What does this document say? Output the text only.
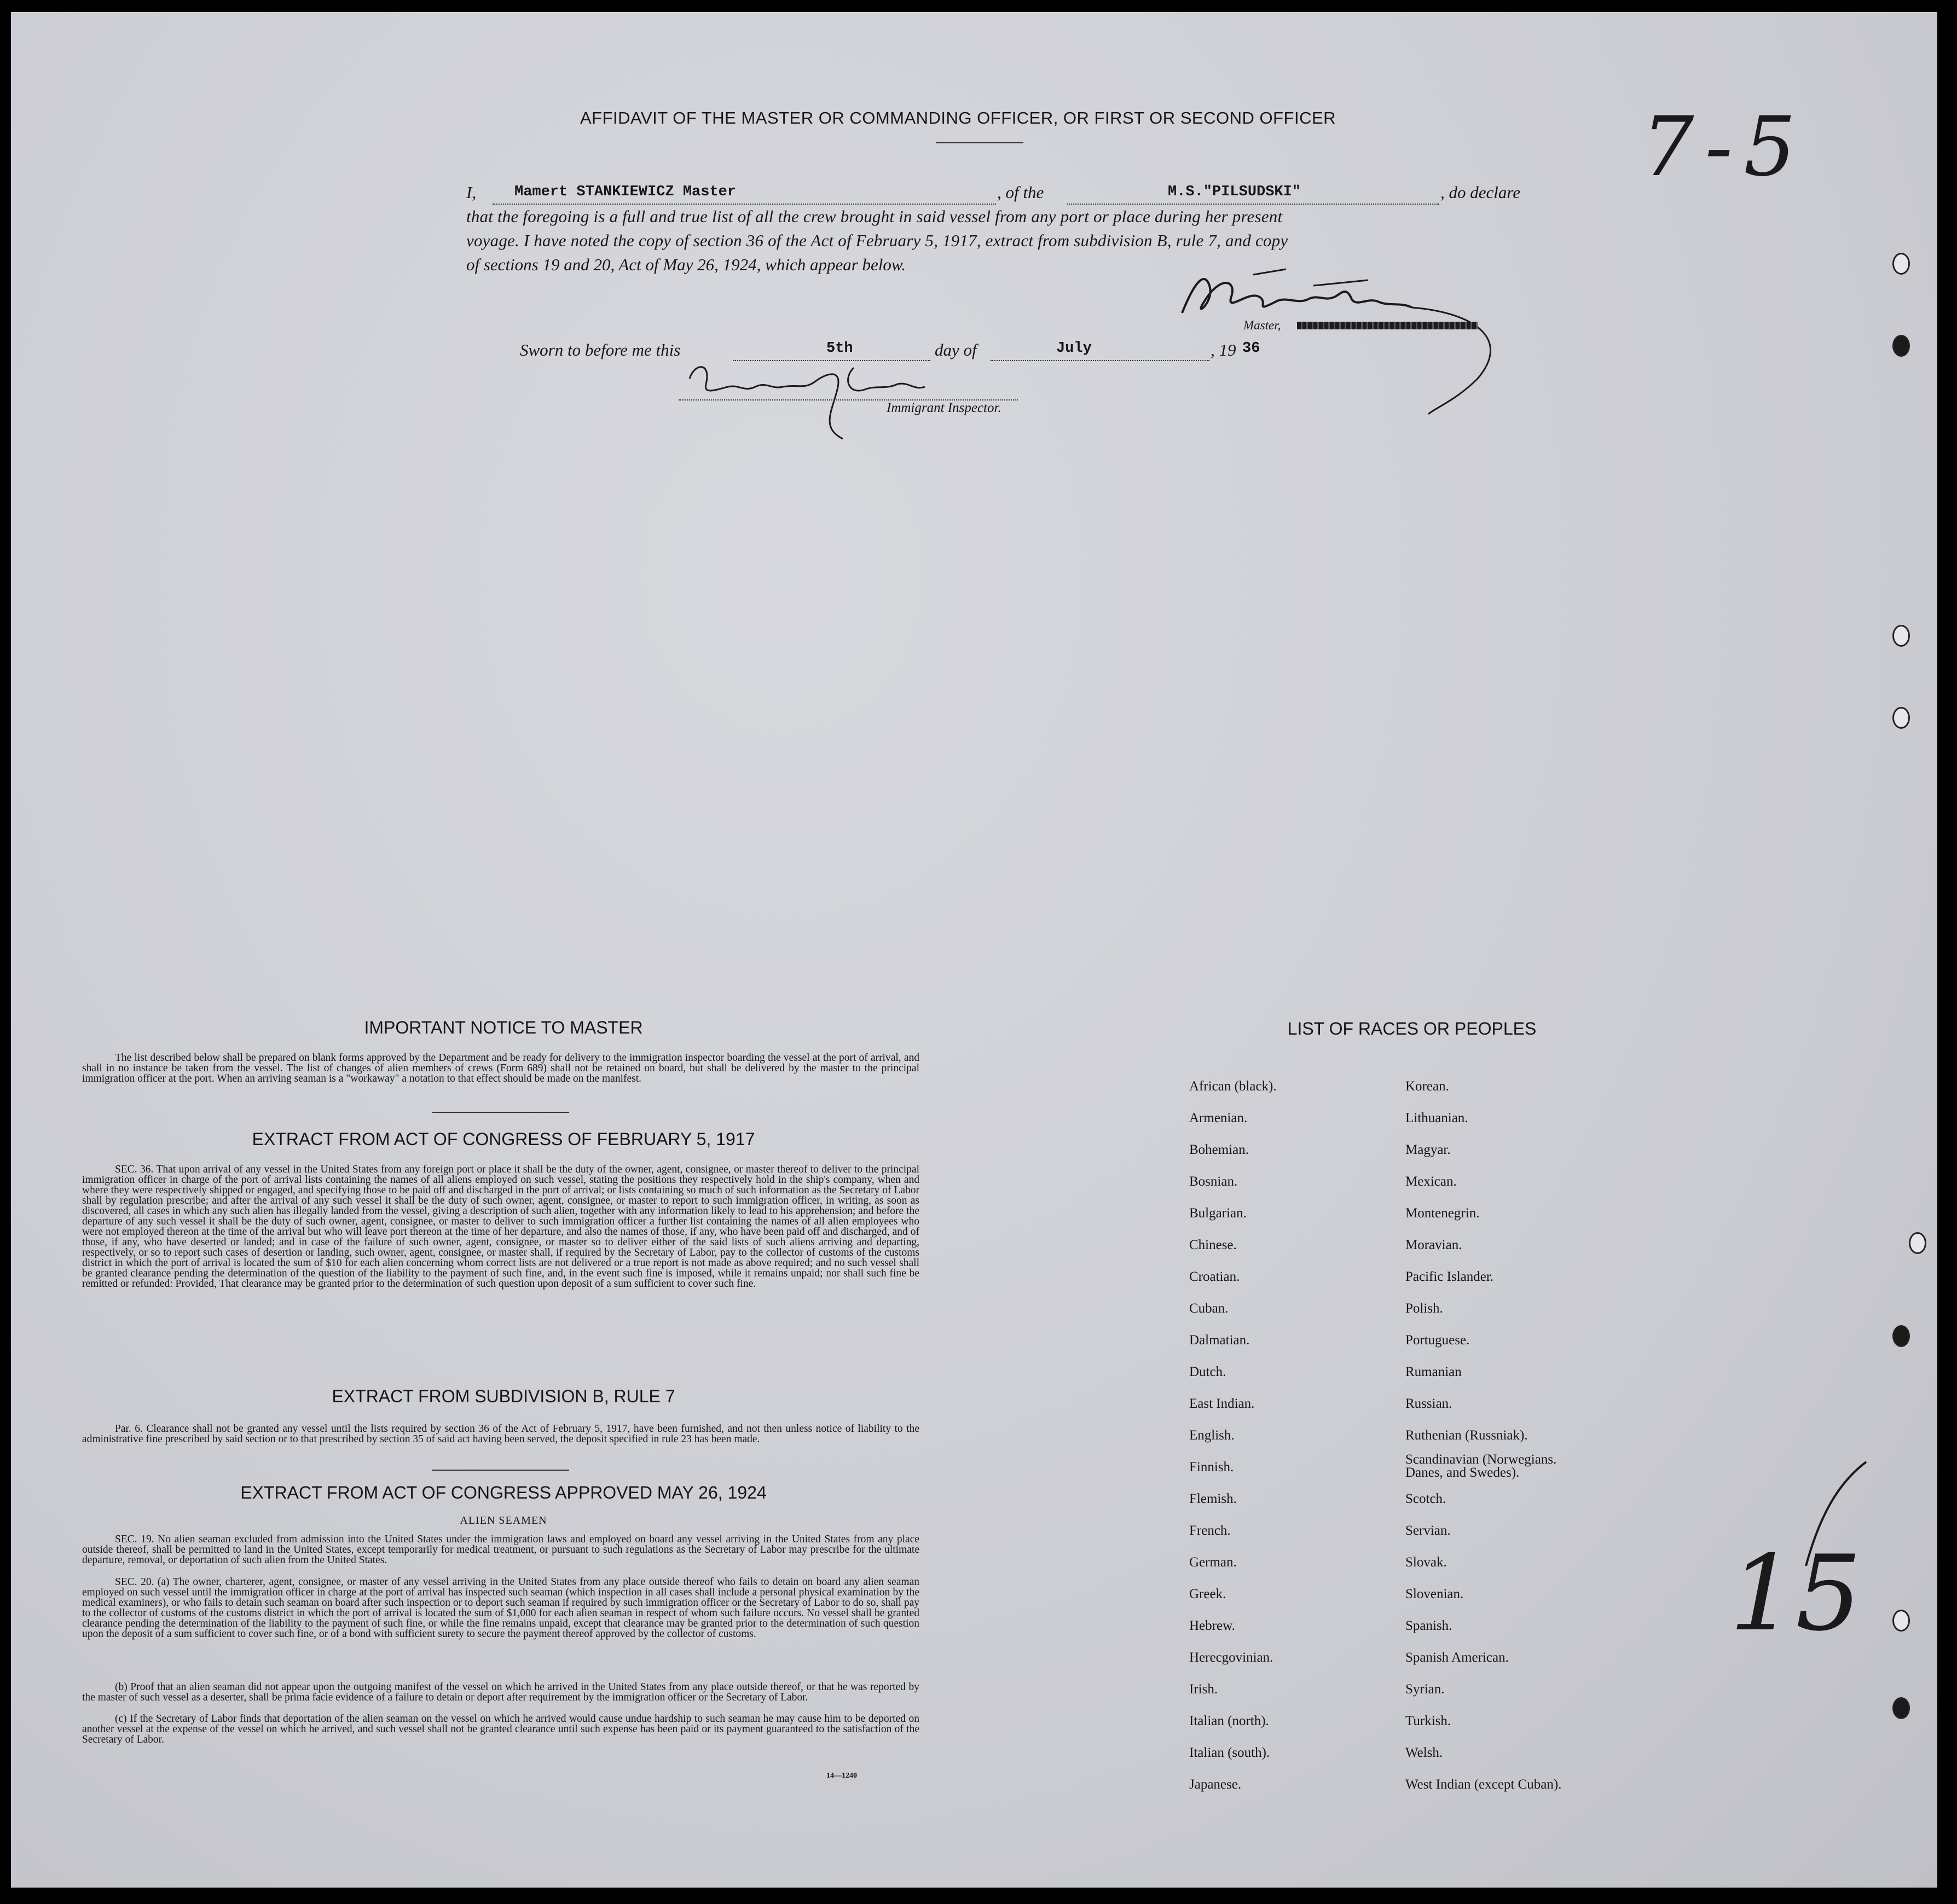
AFFIDAVIT OF THE MASTER OR COMMANDING OFFICER, OR FIRST OR SECOND OFFICER
I,	Mamert STANKIEWICZ Master	, of the	M.S."PILSUDSKI"	, do declare
that the foregoing is a full and true list of all the crew brought in said vessel from any port or place during her present
voyage. I have noted the copy of section 36 of the Act of February 5, 1917, extract from subdivision B, rule 7, and copy
of sections 19 and 20, Act of May 26, 1924, which appear below.
Master,
Sworn to before me this	5th	day of	July	, 19 36
Immigrant Inspector.
7-5
15
IMPORTANT NOTICE TO MASTER
The list described below shall be prepared on blank forms approved by the Department and be ready for delivery to the immigration inspector boarding the vessel at the port of arrival, and shall in no instance be taken from the vessel. The list of changes of alien members of crews (Form 689) shall not be retained on board, but shall be delivered by the master to the principal immigration officer at the port. When an arriving seaman is a "workaway" a notation to that effect should be made on the manifest.
EXTRACT FROM ACT OF CONGRESS OF FEBRUARY 5, 1917
SEC. 36. That upon arrival of any vessel in the United States from any foreign port or place it shall be the duty of the owner, agent, consignee, or master thereof to deliver to the principal immigration officer in charge of the port of arrival lists containing the names of all aliens employed on such vessel, stating the positions they respectively hold in the ship's company, when and where they were respectively shipped or engaged, and specifying those to be paid off and discharged in the port of arrival; or lists containing so much of such information as the Secretary of Labor shall by regulation prescribe; and after the arrival of any such vessel it shall be the duty of such owner, agent, consignee, or master to report to such immigration officer, in writing, as soon as discovered, all cases in which any such alien has illegally landed from the vessel, giving a description of such alien, together with any information likely to lead to his apprehension; and before the departure of any such vessel it shall be the duty of such owner, agent, consignee, or master to deliver to such immigration officer a further list containing the names of all alien employees who were not employed thereon at the time of the arrival but who will leave port thereon at the time of her departure, and also the names of those, if any, who have been paid off and discharged, and of those, if any, who have deserted or landed; and in case of the failure of such owner, agent, consignee, or master so to deliver either of the said lists of such aliens arriving and departing, respectively, or so to report such cases of desertion or landing, such owner, agent, consignee, or master shall, if required by the Secretary of Labor, pay to the collector of customs of the customs district in which the port of arrival is located the sum of $10 for each alien concerning whom correct lists are not delivered or a true report is not made as above required; and no such vessel shall be granted clearance pending the determination of the question of the liability to the payment of such fine, and, in the event such fine is imposed, while it remains unpaid; nor shall such fine be remitted or refunded: Provided, That clearance may be granted prior to the determination of such question upon deposit of a sum sufficient to cover such fine.
EXTRACT FROM SUBDIVISION B, RULE 7
Par. 6. Clearance shall not be granted any vessel until the lists required by section 36 of the Act of February 5, 1917, have been furnished, and not then unless notice of liability to the administrative fine prescribed by said section or to that prescribed by section 35 of said act having been served, the deposit specified in rule 23 has been made.
EXTRACT FROM ACT OF CONGRESS APPROVED MAY 26, 1924
ALIEN SEAMEN
SEC. 19. No alien seaman excluded from admission into the United States under the immigration laws and employed on board any vessel arriving in the United States from any place outside thereof, shall be permitted to land in the United States, except temporarily for medical treatment, or pursuant to such regulations as the Secretary of Labor may prescribe for the ultimate departure, removal, or deportation of such alien from the United States.
SEC. 20. (a) The owner, charterer, agent, consignee, or master of any vessel arriving in the United States from any place outside thereof who fails to detain on board any alien seaman employed on such vessel until the immigration officer in charge at the port of arrival has inspected such seaman (which inspection in all cases shall include a personal physical examination by the medical examiners), or who fails to detain such seaman on board after such inspection or to deport such seaman if required by such immigration officer or the Secretary of Labor to do so, shall pay to the collector of customs of the customs district in which the port of arrival is located the sum of $1,000 for each alien seaman in respect of whom such failure occurs. No vessel shall be granted clearance pending the determination of the liability to the payment of such fine, or while the fine remains unpaid, except that clearance may be granted prior to the determination of such question upon the deposit of a sum sufficient to cover such fine, or of a bond with sufficient surety to secure the payment thereof approved by the collector of customs.
(b) Proof that an alien seaman did not appear upon the outgoing manifest of the vessel on which he arrived in the United States from any place outside thereof, or that he was reported by the master of such vessel as a deserter, shall be prima facie evidence of a failure to detain or deport after requirement by the immigration officer or the Secretary of Labor.
(c) If the Secretary of Labor finds that deportation of the alien seaman on the vessel on which he arrived would cause undue hardship to such seaman he may cause him to be deported on another vessel at the expense of the vessel on which he arrived, and such vessel shall not be granted clearance until such expense has been paid or its payment guaranteed to the satisfaction of the Secretary of Labor.
14—1240
LIST OF RACES OR PEOPLES
African (black).
Armenian.
Bohemian.
Bosnian.
Bulgarian.
Chinese.
Croatian.
Cuban.
Dalmatian.
Dutch.
East Indian.
English.
Finnish.
Flemish.
French.
German.
Greek.
Hebrew.
Herecgovinian.
Irish.
Italian (north).
Italian (south).
Japanese.
Korean.
Lithuanian.
Magyar.
Mexican.
Montenegrin.
Moravian.
Pacific Islander.
Polish.
Portuguese.
Rumanian
Russian.
Ruthenian (Russniak).
Scandinavian (Norwegians.
Danes, and Swedes).
Scotch.
Servian.
Slovak.
Slovenian.
Spanish.
Spanish American.
Syrian.
Turkish.
Welsh.
West Indian (except Cuban).
